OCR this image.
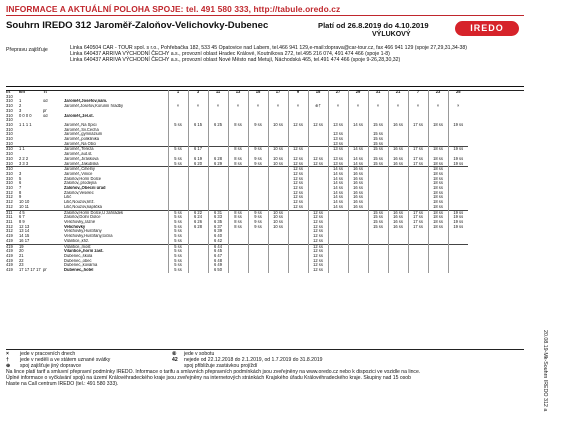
INFORMACE A AKTUÁLNÍ POLOHA SPOJE: tel. 491 580 333, http://tabule.oredo.cz
Souhrn IREDO 312 Jaroměř-Zaloňov-Velichovky-Dubenec	Platí od 26.8.2019 do 4.10.2019
VÝLUKOVÝ
IREDO
Přepravu zajišťuje	Linka 640504 CAR - TOUR spol. s r.o., Pohřebačka 182, 533 45 Opatovice nad Labem, tel.466 941 129,e-mail:doprava@car-tour.cz, fax 466 941 129 (spoje 27,29,31,34-38)
Linka 640437 ARRIVA VÝCHODNÍ ČECHY a.s., provozní oblast Hradec Králové, Koutníkova 272, tel.495 216 074, 491 474 466 (spoje 1-8)
Linka 640437 ARRIVA VÝCHODNÍ ČECHY a.s., provozní oblast Nové Město nad Metují, Náchodská 465, tel.491 474 466 (spoje 9-26,28,30,32)
trt	km	Tt			1	3	11	13	15	17	9	15	27	29	31	21	7	23	25
310																			
310	1	od		Jaroměř,Josefov,nám.															
310	2			Jaroměř,Josefov,Korunní hradby	×	×	×	×	×	×	×	⊕†	×	×	×	×	×	×	×
310	3	př																	
310	0 0 0 0	od		Jaroměř,,žel.st.															
310																			
310	1 1 1 1			Jaroměř,,Na Špici	5 ss	6 15	6 25	8 ss	9 ss	10 ss	12 ss	12 ss	13 ss	14 ss	15 ss	16 ss	17 ss	18 ss	19 ss
310				Jaroměř,,Sv.Čecha															
310				Jaroměř,,gymnázium									13 ss		15 ss				
310				Jaroměř,,poliklinika									13 ss		15 ss				
310				Jaroměř,,Na Obci									13 ss		15 ss				
310	1 1			Jaroměř,,Tereza	5 ss	6 17		8 ss	9 ss	10 ss	12 ss		13 ss	14 ss	15 ss	16 ss	17 ss	18 ss	19 ss
310				Jaroměř,,aut.st.															
310	2 2 2			Jaroměř,,Jiráskova	5 ss	6 19	6 28	8 ss	9 ss	10 ss	12 ss	12 ss	13 ss	14 ss	15 ss	16 ss	17 ss	18 ss	19 ss
310	3 3 3			Jaroměř,,Jakubská	5 ss	6 20	6 29	8 ss	9 ss	10 ss	12 ss	12 ss	13 ss	14 ss	15 ss	16 ss	17 ss	18 ss	19 ss
310				Jaroměř,,Cihelny							12 ss		14 ss	16 ss				18 ss	
310	3			Jaroměř,,Vinice							12 ss		14 ss	16 ss				18 ss	
310	5			Zaloňov,Horní Dolce							12 ss		14 ss	16 ss				18 ss	
310	6			Zaloňov,,prodejna							12 ss		14 ss	16 ss				18 ss	
310	7			Zaloňov,,Obecní úřad							12 ss		14 ss	16 ss				18 ss	
312	8			Zaloňov,Veselec							12 ss		14 ss	16 ss				18 ss	
312	9			Litič							12 ss		14 ss	16 ss				18 ss	
312	10 10			Litič,Nouzov,křiž.							12 ss		14 ss	16 ss				18 ss	
312	10 11			Litič,Nouzov,kaplička							12 ss		14 ss	16 ss				18 ss	
311	4 5			Zaloňov,Horní Dolce,U zahrádek	5 ss	6 22	6 31	8 ss	9 ss	10 ss		12 ss			15 ss	16 ss	17 ss	18 ss	19 ss
311	6 7			Zaloňov,Dolní Dolce	5 ss	6 24	6 33	8 ss	9 ss	10 ss		12 ss			15 ss	16 ss	17 ss	18 ss	19 ss
311	8 9			Velichovky,,lázně	5 ss	6 26	6 35	8 ss	9 ss	10 ss		12 ss			15 ss	16 ss	17 ss	18 ss	19 ss
312	12 13			Velichovky	5 ss	6 28	6 37	8 ss	9 ss	10 ss		12 ss			15 ss	16 ss	17 ss	18 ss	19 ss
312	13 14			Velichovky,Hustířany	5 ss		6 39					12 ss							
419	14 15			Velichovky,Hustířany,točna	5 ss		6 40					12 ss							
419	16 17			Vilantice,,křiž.	5 ss		6 42					12 ss							
419	19			Vilantice,,most	5 ss		6 44					12 ss							
419	20			Vilantice,,horní zast.	5 ss		6 45					12 ss							
419	21			Dubenec,,škola	5 ss		6 47					12 ss							
419	22			Dubenec,,obec	5 ss		6 48					12 ss							
419	23			Dubenec,,kovárna	5 ss		6 49					12 ss							
419	17 17 17 17	př		Dubenec,,hotel	5 ss		6 50					12 ss							
× jede v pracovních dnech
† jede v neděli a ve státem uznané svátky
⊕ spoj zajišťuje jiný dopravce
⑥ jede v sobotu
42 nejede od 22.12.2018 do 2.1.2019, od 1.7.2019 do 31.8.2019
spoj přibližuje zastávkou projíždí
Na lince platí tarif a smluvní přepravní podmínky IREDO. Informace o tarifu a smluvních přepravních podmínkách jsou zveřejněny na www.oredo.cz nebo k dispozici ve vozidle na lince.
Úplné informace o vyčkávání spojů na území Královéhradeckého kraje jsou zveřejněny na internetových stránkách Krajského úřadu Královéhradeckého kraje. Skupiny nad 15 osob
hlaste na Call centrum IREDO (tel.: 491 580 333).	20.08.19-Mk-Souhrn IREDO 312 a
